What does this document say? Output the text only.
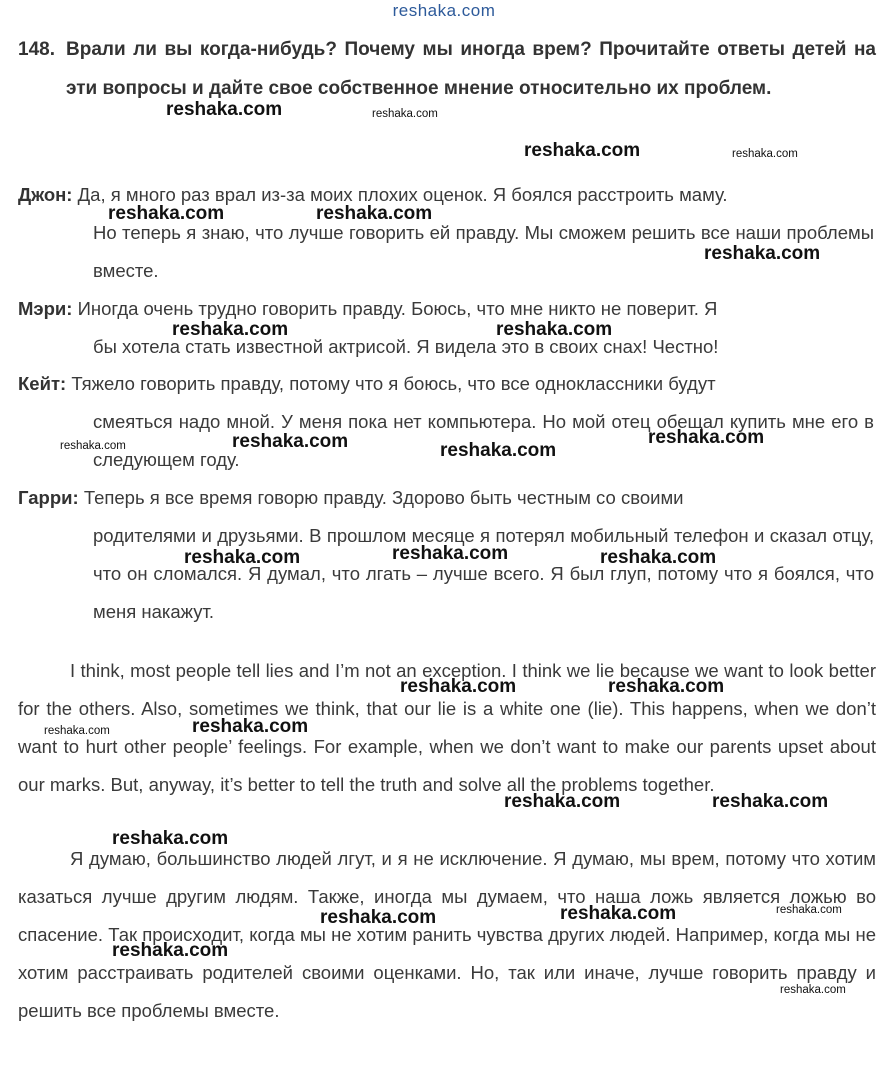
reshaka.com
148. Врали ли вы когда-нибудь? Почему мы иногда врем? Прочитайте ответы детей на эти вопросы и дайте свое собственное мнение относительно их проблем.

Джон: Да, я много раз врал из-за моих плохих оценок. Я боялся расстроить маму.

Но теперь я знаю, что лучше говорить ей правду. Мы сможем решить все наши проблемы вместе.

Мэри: Иногда очень трудно говорить правду. Боюсь, что мне никто не поверит. Я

бы хотела стать известной актрисой. Я видела это в своих снах! Честно!

Кейт: Тяжело говорить правду, потому что я боюсь, что все одноклассники будут

смеяться надо мной. У меня пока нет компьютера. Но мой отец обещал купить мне его в следующем году.

Гарри: Теперь я все время говорю правду. Здорово быть честным со своими

родителями и друзьями. В прошлом месяце я потерял мобильный телефон и сказал отцу, что он сломался. Я думал, что лгать – лучше всего. Я был глуп, потому что я боялся, что меня накажут.

I think, most people tell lies and I’m not an exception. I think we lie because we want to look better for the others. Also, sometimes we think, that our lie is a white one (lie). This happens, when we don’t want to hurt other people’ feelings. For example, when we don’t want to make our parents upset about our marks. But, anyway, it’s better to tell the truth and solve all the problems together.

Я думаю, большинство людей лгут, и я не исключение. Я думаю, мы врем, потому что хотим казаться лучше другим людям. Также, иногда мы думаем, что наша ложь является ложью во спасение. Так происходит, когда мы не хотим ранить чувства других людей. Например, когда мы не хотим расстраивать родителей своими оценками. Но, так или иначе, лучше говорить правду и решить все проблемы вместе.

reshaka.com	reshaka.com
reshaka.com	reshaka.com
reshaka.com	reshaka.com
reshaka.com
reshaka.com	reshaka.com
reshaka.com	reshaka.com	reshaka.com
reshaka.com
reshaka.com	reshaka.com	reshaka.com
reshaka.com	reshaka.com
reshaka.com	reshaka.com
reshaka.com	reshaka.com
reshaka.com
reshaka.com	reshaka.com	reshaka.com
reshaka.com
reshaka.com
